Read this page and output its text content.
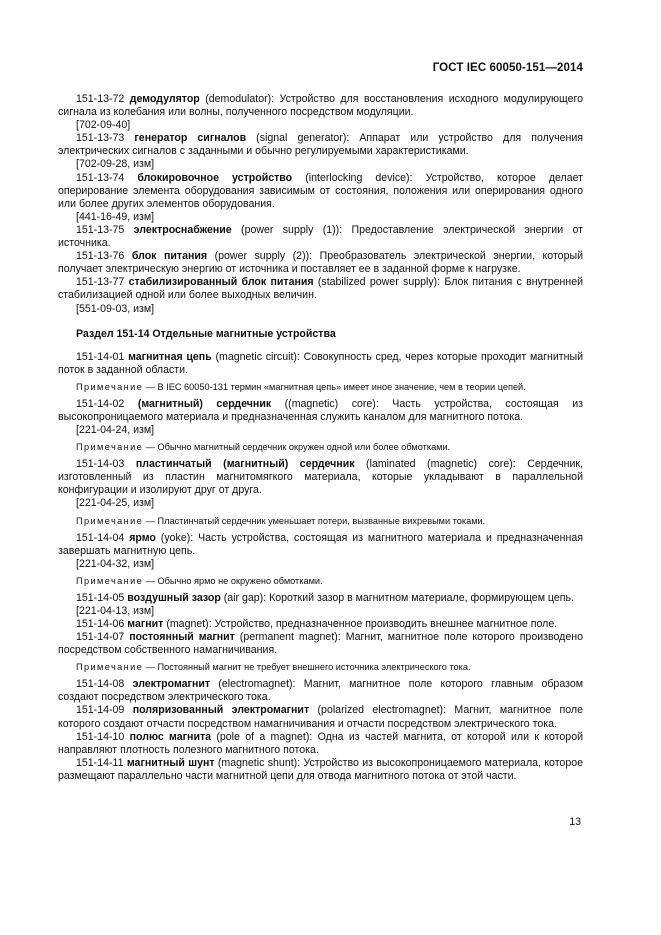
ГОСТ IEC 60050-151—2014

151-13-72 демодулятор (demodulator): Устройство для восстановления исходного модулирующего сигнала из колебания или волны, полученного посредством модуляции.

[702-09-40]

151-13-73 генератор сигналов (signal generator): Аппарат или устройство для получения электрических сигналов с заданными и обычно регулируемыми характеристиками.

[702-09-28, изм]

151-13-74 блокировочное устройство (interlocking device): Устройство, которое делает оперирование элемента оборудования зависимым от состояния, положения или оперирования одного или более других элементов оборудования.

[441-16-49, изм]

151-13-75 электроснабжение (power supply (1)): Предоставление электрической энергии от источника.

151-13-76 блок питания (power supply (2)): Преобразователь электрической энергии, который получает электрическую энергию от источника и поставляет ее в заданной форме к нагрузке.

151-13-77 стабилизированный блок питания (stabilized power supply): Блок питания с внутренней стабилизацией одной или более выходных величин.

[551-09-03, изм]

Раздел 151-14 Отдельные магнитные устройства

151-14-01 магнитная цепь (magnetic circuit): Совокупность сред, через которые проходит магнитный поток в заданной области.

Примечание — В IEC 60050-131 термин «магнитная цепь» имеет иное значение, чем в теории цепей.

151-14-02 (магнитный) сердечник ((magnetic) core): Часть устройства, состоящая из высокопроницаемого материала и предназначенная служить каналом для магнитного потока.

[221-04-24, изм]

Примечание — Обычно магнитный сердечник окружен одной или более обмотками.

151-14-03 пластинчатый (магнитный) сердечник (laminated (magnetic) core): Сердечник, изготовленный из пластин магнитомягкого материала, которые укладывают в параллельной конфигурации и изолируют друг от друга.

[221-04-25, изм]

Примечание — Пластинчатый сердечник уменьшает потери, вызванные вихревыми токами.

151-14-04 ярмо (yoke): Часть устройства, состоящая из магнитного материала и предназначенная завершать магнитную цепь.

[221-04-32, изм]

Примечание — Обычно ярмо не окружено обмотками.

151-14-05 воздушный зазор (air gap): Короткий зазор в магнитном материале, формирующем цепь.

[221-04-13, изм]

151-14-06 магнит (magnet): Устройство, предназначенное производить внешнее магнитное поле.

151-14-07 постоянный магнит (permanent magnet): Магнит, магнитное поле которого производено посредством собственного намагничивания.

Примечание — Постоянный магнит не требует внешнего источника электрического тока.

151-14-08 электромагнит (electromagnet): Магнит, магнитное поле которого главным образом создают посредством электрического тока.

151-14-09 поляризованный электромагнит (polarized electromagnet): Магнит, магнитное поле которого создают отчасти посредством намагничивания и отчасти посредством электрического тока.

151-14-10 полюс магнита (pole of a magnet): Одна из частей магнита, от которой или к которой направляют плотность полезного магнитного потока.

151-14-11 магнитный шунт (magnetic shunt): Устройство из высокопроницаемого материала, которое размещают параллельно части магнитной цепи для отвода магнитного потока от этой части.

13
